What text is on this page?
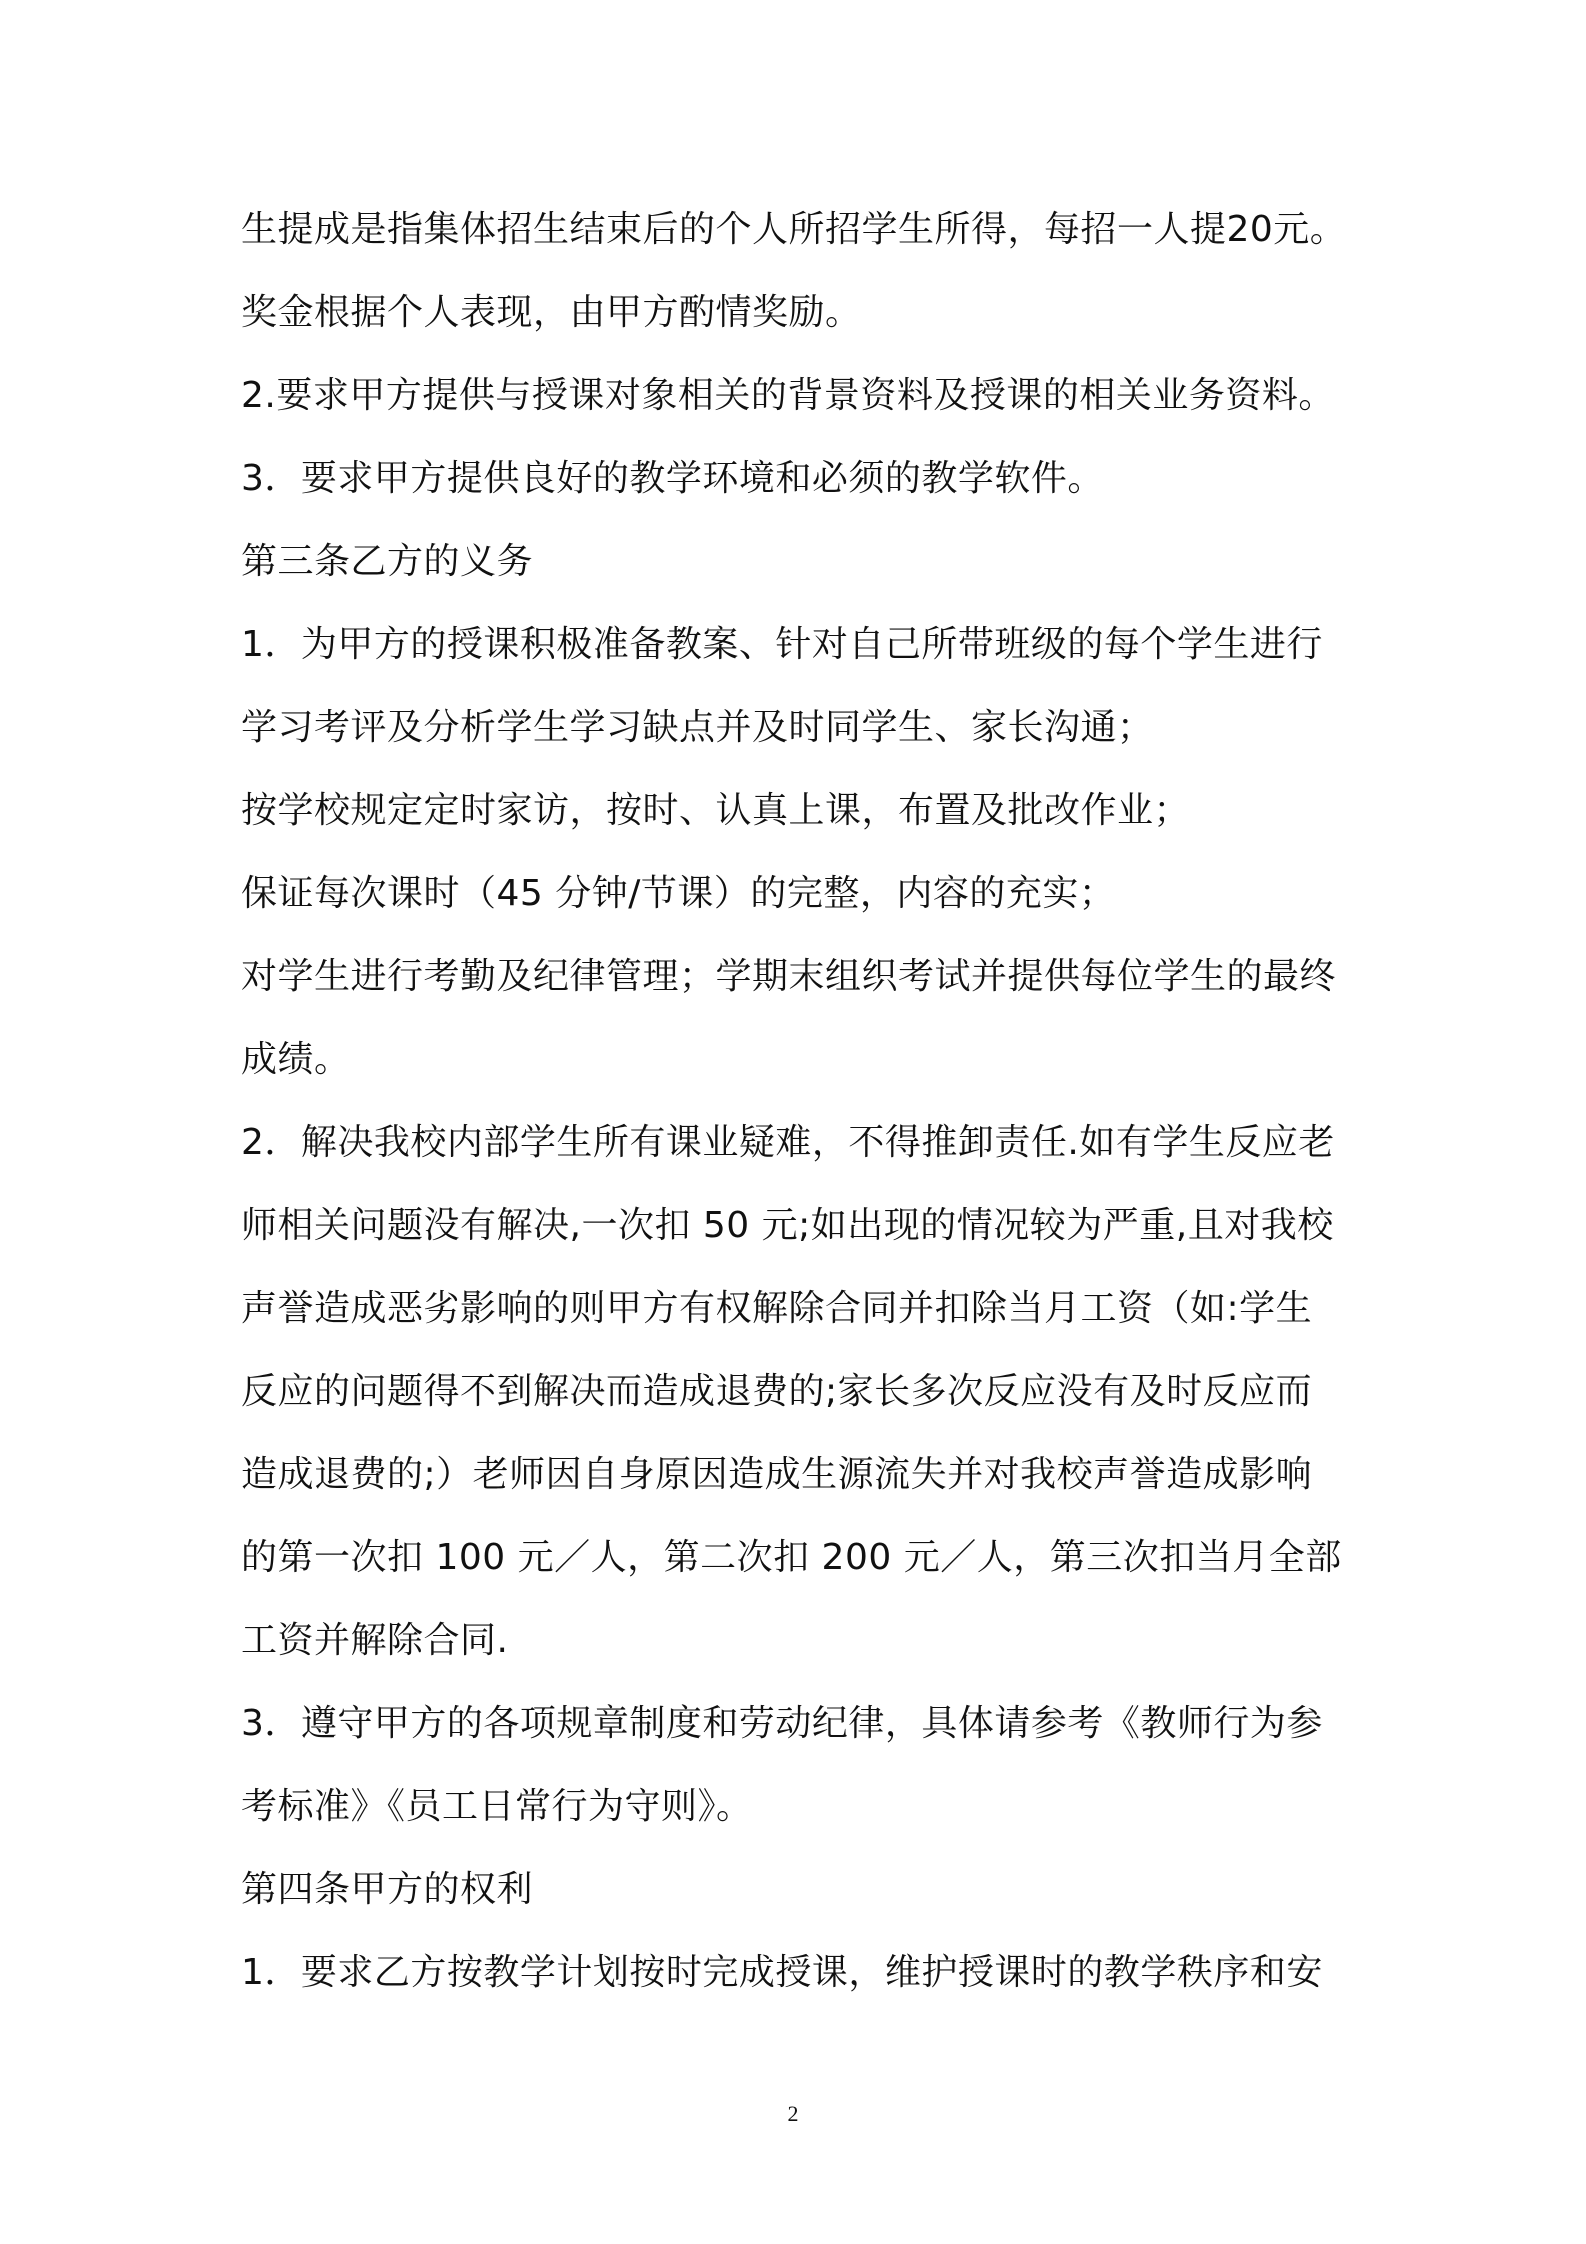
生提成是指集体招生结束后的个人所招学生所得，每招一人提20元。
奖金根据个人表现，由甲方酌情奖励。
2.要求甲方提供与授课对象相关的背景资料及授课的相关业务资料。
3．要求甲方提供良好的教学环境和必须的教学软件。
第三条乙方的义务
1．为甲方的授课积极准备教案、针对自己所带班级的每个学生进行
学习考评及分析学生学习缺点并及时同学生、家长沟通；
按学校规定定时家访，按时、认真上课，布置及批改作业；
保证每次课时（45 分钟/节课）的完整，内容的充实；
对学生进行考勤及纪律管理；学期末组织考试并提供每位学生的最终
成绩。
2．解决我校内部学生所有课业疑难，不得推卸责任.如有学生反应老
师相关问题没有解决,一次扣 50 元;如出现的情况较为严重,且对我校
声誉造成恶劣影响的则甲方有权解除合同并扣除当月工资（如:学生
反应的问题得不到解决而造成退费的;家长多次反应没有及时反应而
造成退费的;）老师因自身原因造成生源流失并对我校声誉造成影响
的第一次扣 100 元／人，第二次扣 200 元／人，第三次扣当月全部
工资并解除合同.
3．遵守甲方的各项规章制度和劳动纪律，具体请参考《教师行为参
考标准》《员工日常行为守则》。
第四条甲方的权利
1．要求乙方按教学计划按时完成授课，维护授课时的教学秩序和安
2
